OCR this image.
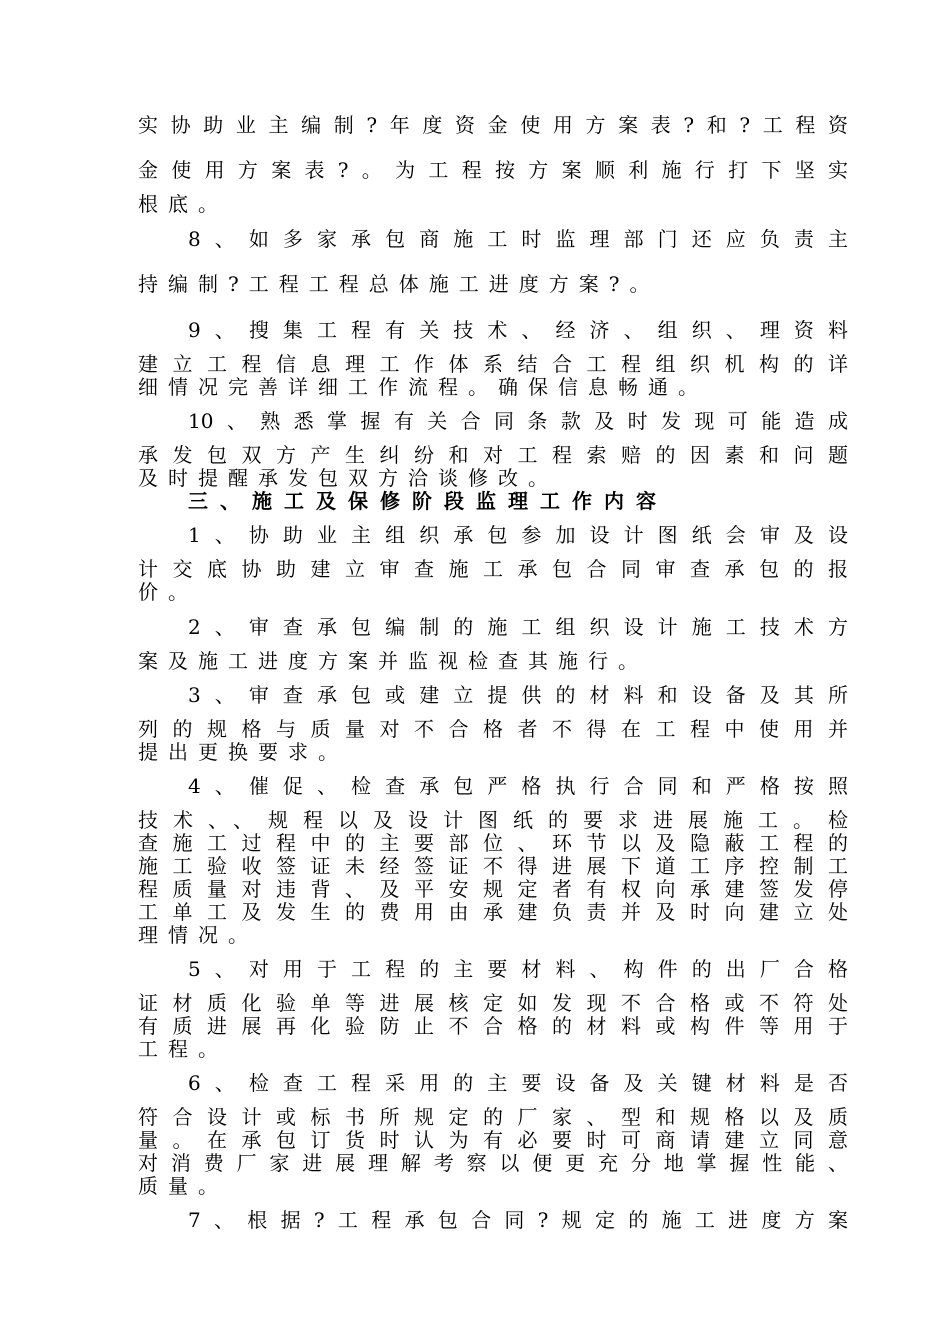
实协助业主编制?年度资金使用方案表?和?工程资
金使用方案表?。为工程按方案顺利施行打下坚实
根底。
8、如多家承包商施工时监理部门还应负责主
持编制?工程工程总体施工进度方案?。
9、搜集工程有关技术、经济、组织、理资料
建立工程信息理工作体系结合工程组织机构的详
细情况完善详细工作流程。确保信息畅通。
10、熟悉掌握有关合同条款及时发现可能造成
承发包双方产生纠纷和对工程索赔的因素和问题
及时提醒承发包双方洽谈修改。
三、施工及保修阶段监理工作内容
1、协助业主组织承包参加设计图纸会审及设
计交底协助建立审查施工承包合同审查承包的报
价。
2、审查承包编制的施工组织设计施工技术方
案及施工进度方案并监视检查其施行。
3、审查承包或建立提供的材料和设备及其所
列的规格与质量对不合格者不得在工程中使用并
提出更换要求。
4、催促、检查承包严格执行合同和严格按照
技术、、规程以及设计图纸的要求进展施工。检
查施工过程中的主要部位、环节以及隐蔽工程的
施工验收签证未经签证不得进展下道工序控制工
程质量对违背、及平安规定者有权向承建签发停
工单工及发生的费用由承建负责并及时向建立处
理情况。
5、对用于工程的主要材料、构件的出厂合格
证材质化验单等进展核定如发现不合格或不符处
有质进展再化验防止不合格的材料或构件等用于
工程。
6、检查工程采用的主要设备及关键材料是否
符合设计或标书所规定的厂家、型和规格以及质
量。在承包订货时认为有必要时可商请建立同意
对消费厂家进展理解考察以便更充分地掌握性能、
质量。
7、根据?工程承包合同?规定的施工进度方案
